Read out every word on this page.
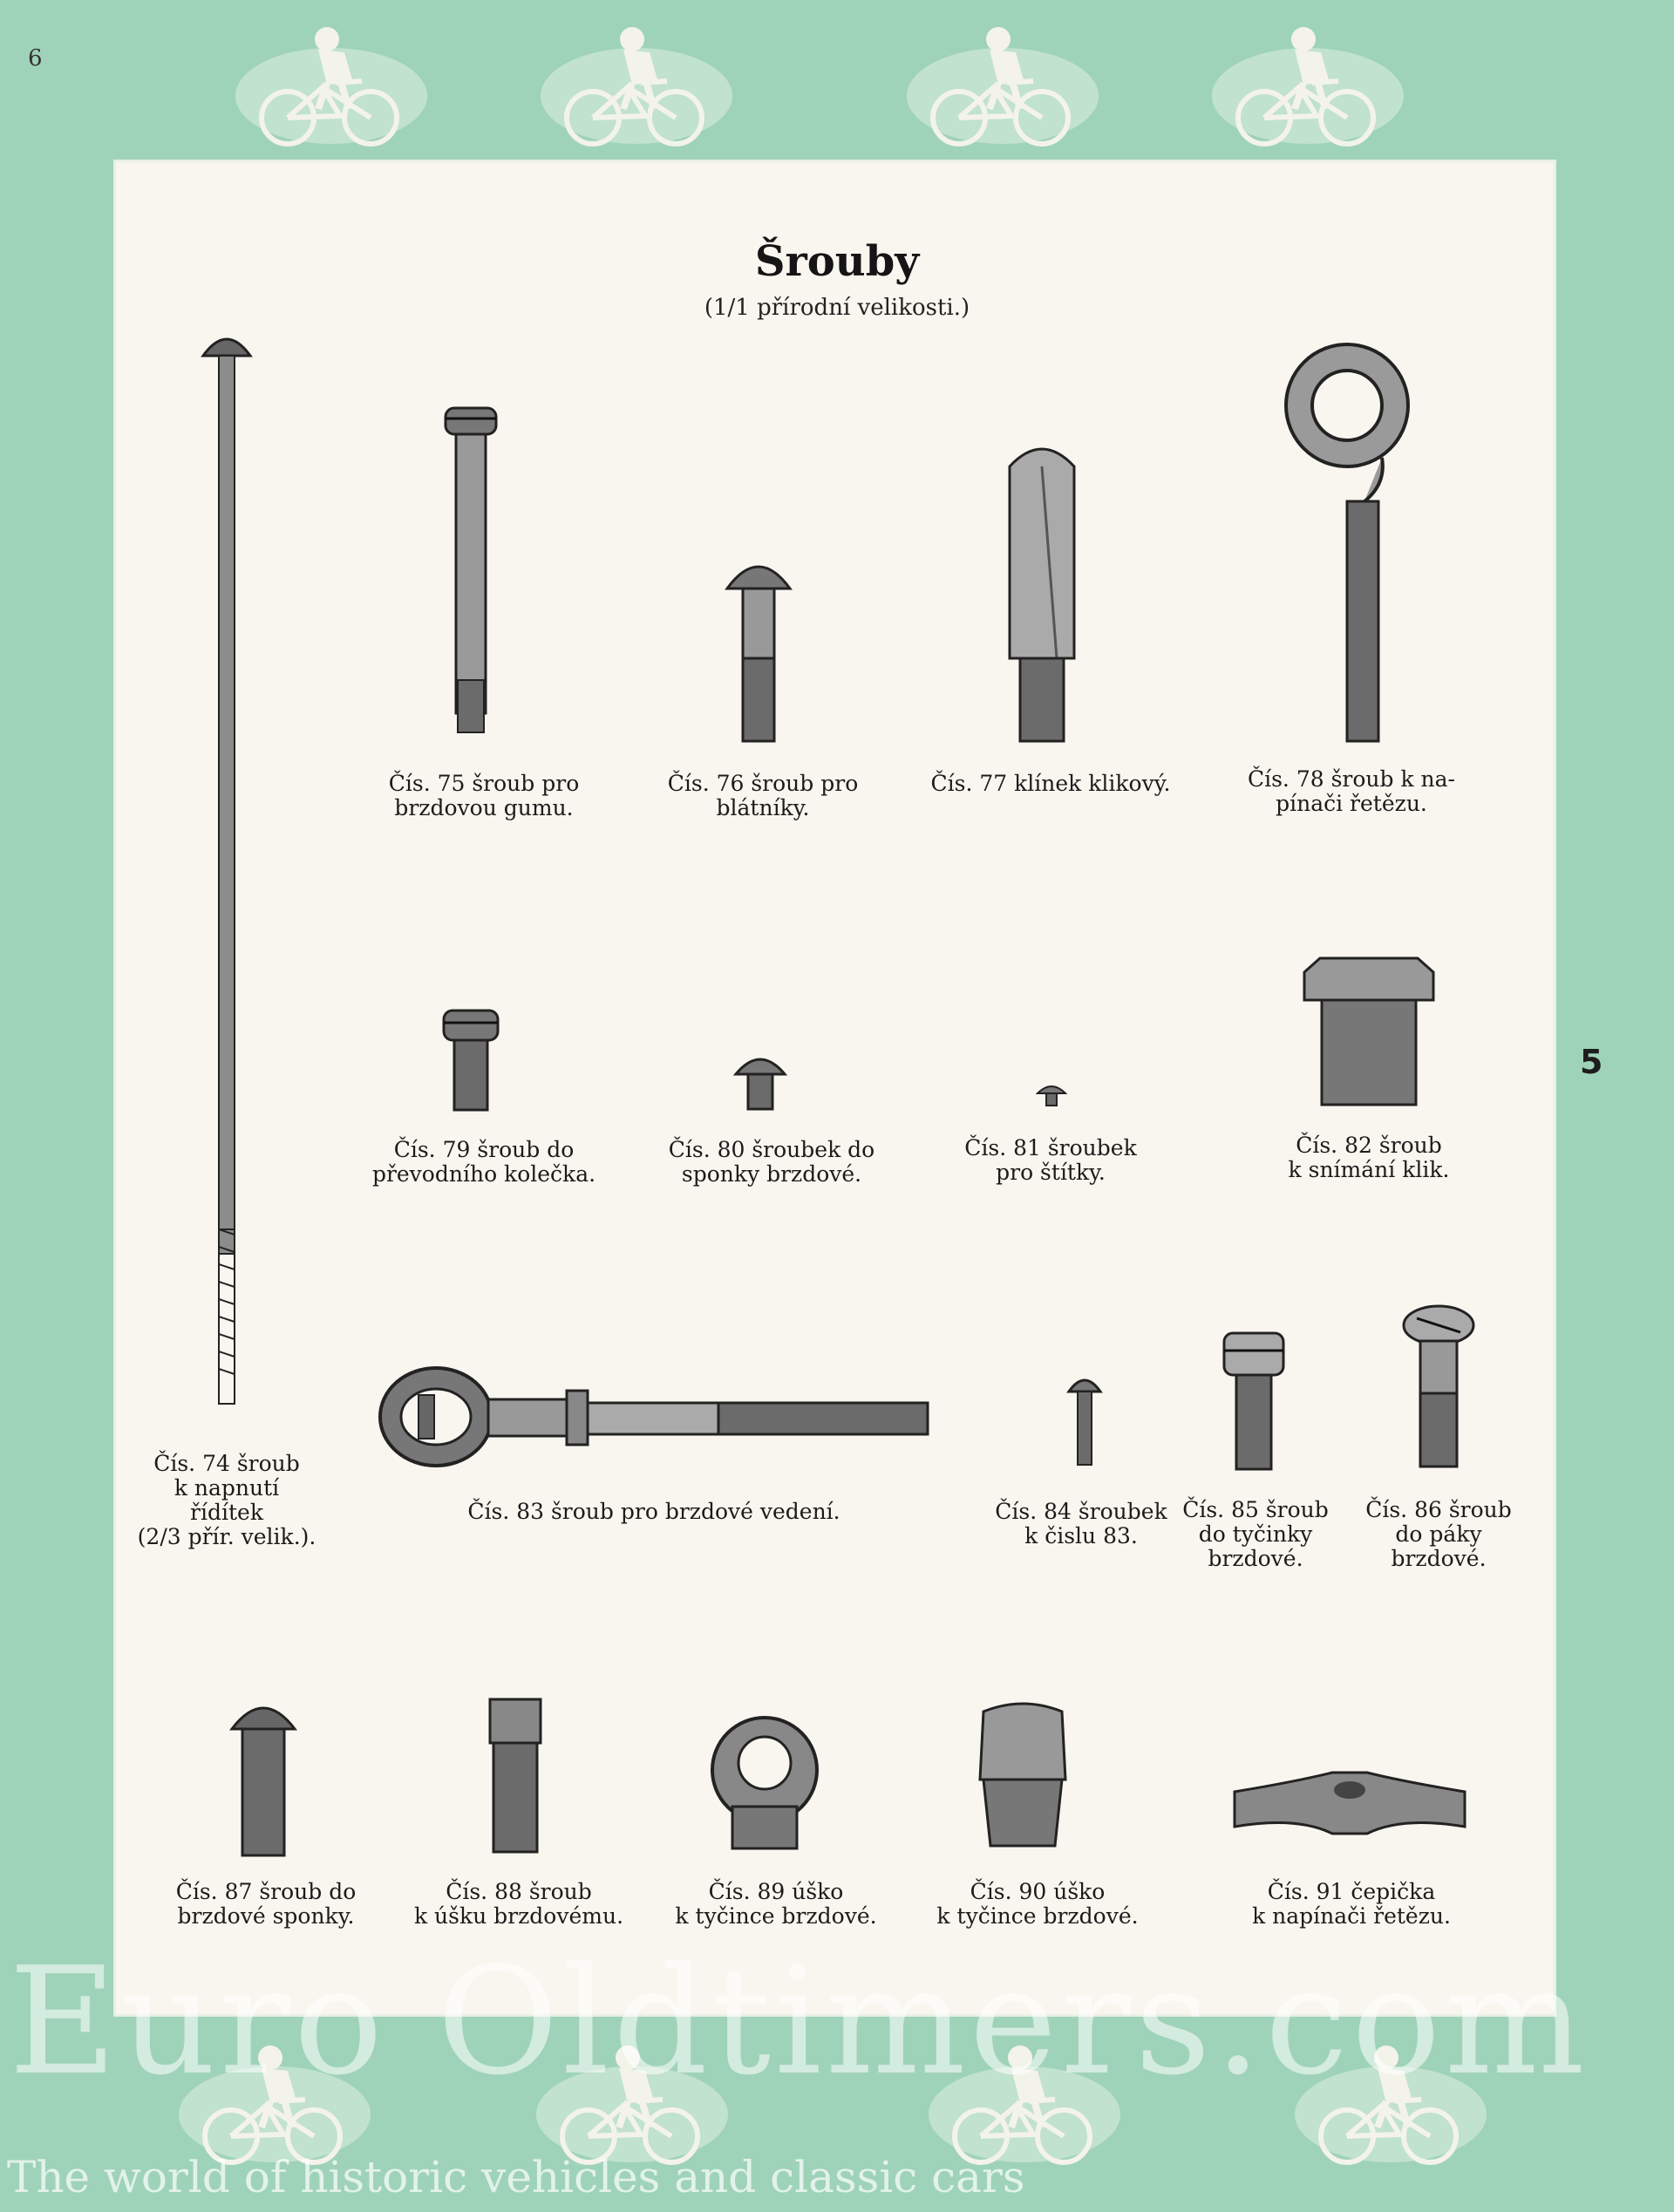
6
5
Šrouby
(1/1 přírodní velikosti.)
Čís. 74 šroub
k napnutí
řídítek
(2/3 přír. velik.).
Čís. 75 šroub pro
brzdovou gumu.
Čís. 76 šroub pro
blátníky.
Čís. 77 klínek klikový.	Čís. 78 šroub k na-
pínači řetězu.
Čís. 79 šroub do
převodního kolečka.
Čís. 80 šroubek do
sponky brzdové.
Čís. 81 šroubek
pro štítky.
Čís. 82 šroub
k snímání klik.
Čís. 83 šroub pro brzdové vedení.	Čís. 84 šroubek
k čislu 83.
Čís. 85 šroub
do tyčinky
brzdové.
Čís. 86 šroub
do páky
brzdové.
Čís. 87 šroub do
brzdové sponky.
Čís. 88 šroub
k úšku brzdovému.
Čís. 89 úško
k tyčince brzdové.
Čís. 90 úško
k tyčince brzdové.
Čís. 91 čepička
k napínači řetězu.
Euro Oldtimers.com
The world of historic vehicles and classic cars
